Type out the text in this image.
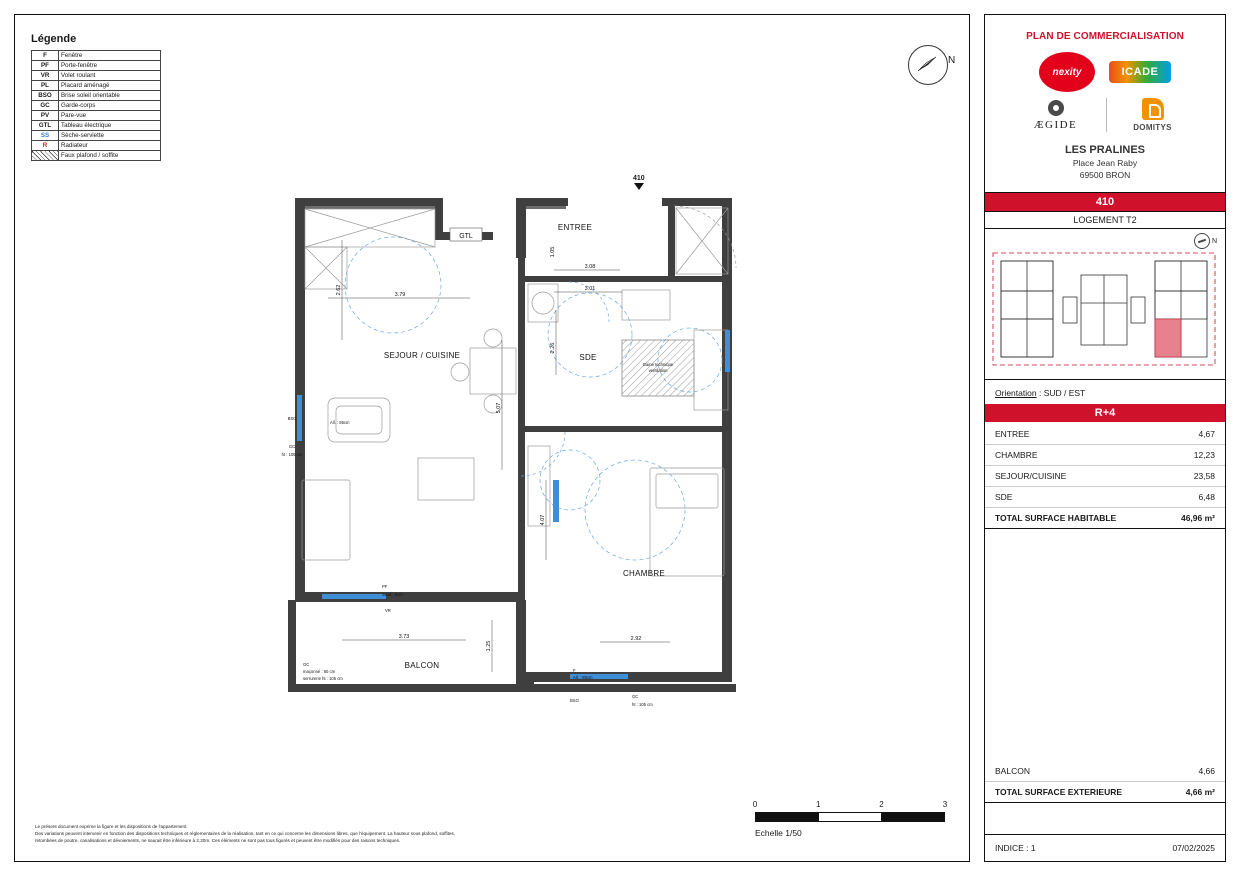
Légende
F	Fenêtre
PF	Porte-fenêtre
VR	Volet roulant
PL	Placard aménagé
BSO	Brise soleil orientable
GC	Garde-corps
PV	Pare-vue
GTL	Tableau électrique
SS	Sèche-serviette
R	Radiateur
	Faux plafond / soffite
N
410
Gaine technique
ventilation
3.79
2.62
3.08
3.01
2.26
5.07
4.07
2.92
3.73
1.25
1.05
ENTREE
SEJOUR / CUISINE	SDE
CHAMBRE
BALCON
GTL
BSO
All. : 85cm
GC
ht : 105 cm
PF
Seuil : 0cm
VR
GC
maçonné : 50 cm
serrurerie ht : 105 cm
F
All. : 85cm
BSO
GC
ht : 105 cm
0	1	2	3
Echelle 1/50
Le présent document exprime la figure et les dispositions de l'appartement.
Des variations peuvent intervenir en fonction des dispositions techniques et réglementaires de la réalisation, tant en ce qui concerne les dimensions libres, que l'équipement. La hauteur sous plafond, soffites,
retombées de poutre, canalisations et dévoiements, ne saurait être inférieure à 2,20m. Ces éléments ne sont pas tous figurés et peuvent être modifiés pour des raisons techniques.
PLAN DE COMMERCIALISATION
nexity	ICADE
ÆGIDE	DOMITYS
LES PRALINES
Place Jean Raby
69500 BRON
410
LOGEMENT T2
N
Orientation : SUD / EST
R+4
ENTREE	4,67
CHAMBRE	12,23
SEJOUR/CUISINE	23,58
SDE	6,48
TOTAL SURFACE HABITABLE	46,96 m²
BALCON	4,66
TOTAL SURFACE EXTERIEURE	4,66 m²
INDICE : 1	07/02/2025
